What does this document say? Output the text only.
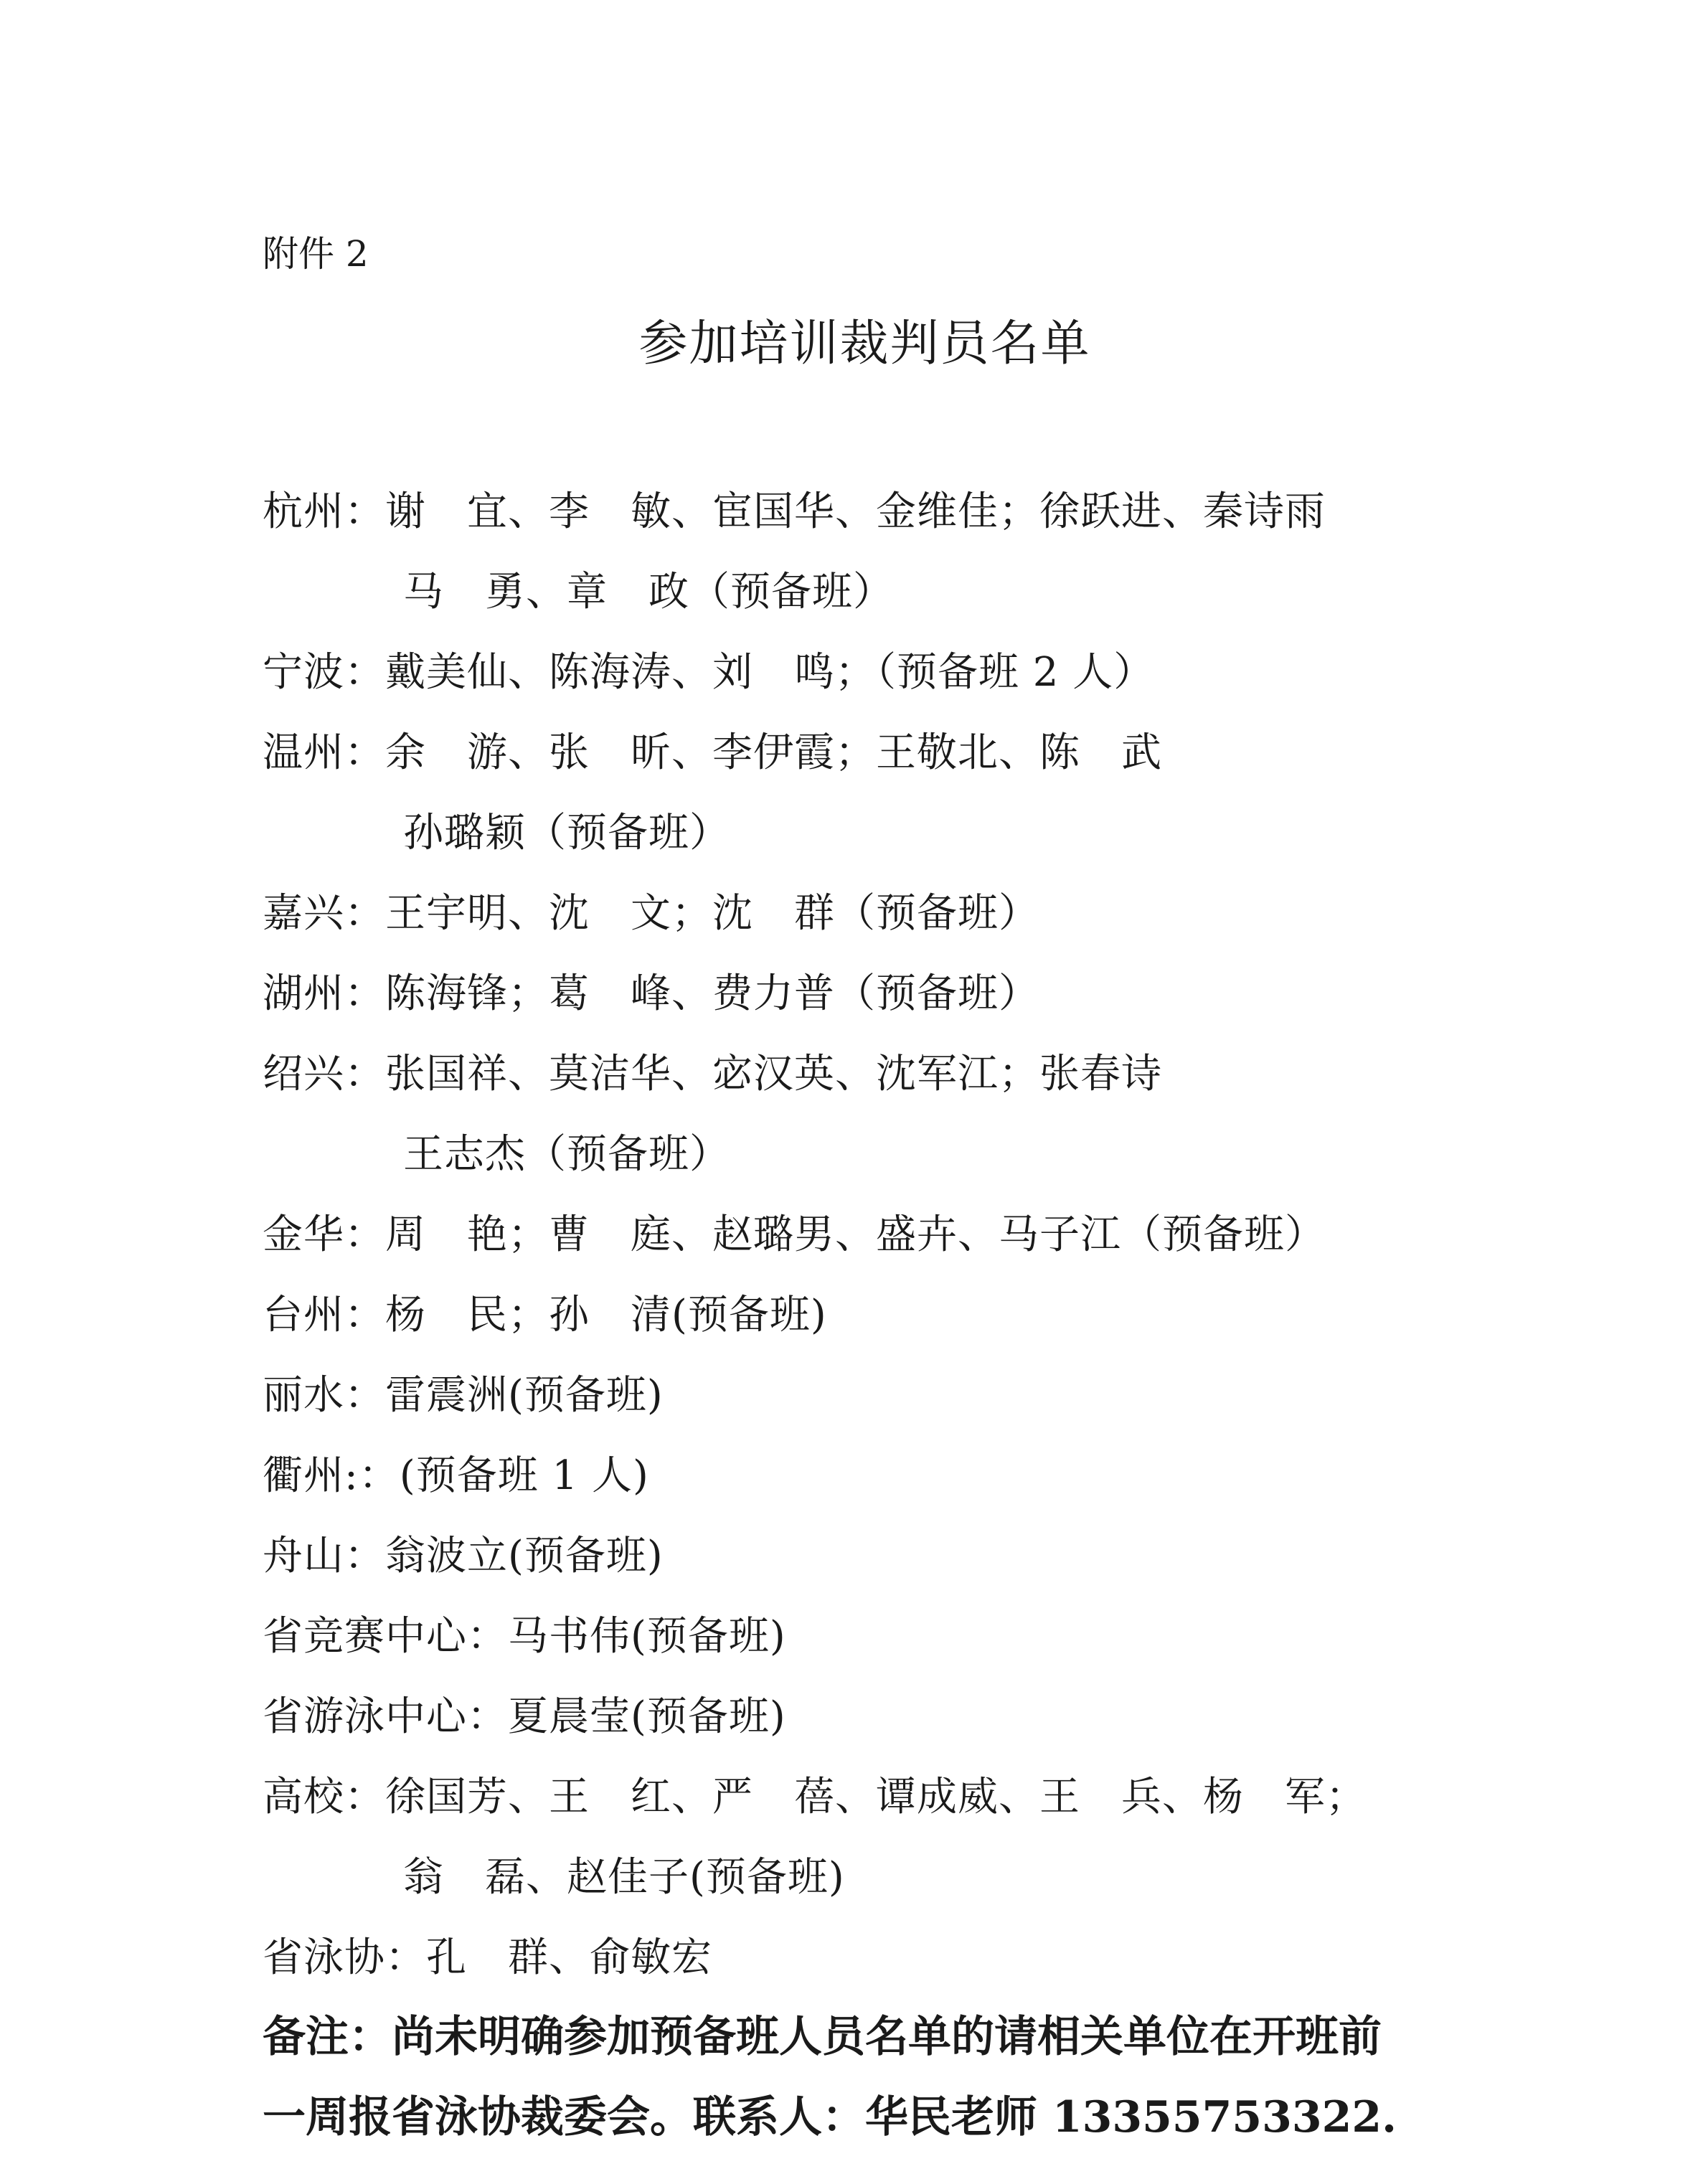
附件 2
参加培训裁判员名单
杭州：谢　宜、李　敏、宦国华、金维佳；徐跃进、秦诗雨
马　勇、章　政（预备班）
宁波：戴美仙、陈海涛、刘　鸣；（预备班 2 人）
温州：余　游、张　昕、李伊霞；王敬北、陈　武
孙璐颖（预备班）
嘉兴：王宇明、沈　文；沈　群（预备班）
湖州：陈海锋；葛　峰、费力普（预备班）
绍兴：张国祥、莫洁华、宓汉英、沈军江；张春诗
王志杰（预备班）
金华：周　艳；曹　庭、赵璐男、盛卉、马子江（预备班）
台州：杨　民；孙　清(预备班)
丽水：雷震洲(预备班)
衢州:：(预备班 1 人)
舟山：翁波立(预备班)
省竞赛中心：马书伟(预备班)
省游泳中心：夏晨莹(预备班)
高校：徐国芳、王　红、严　蓓、谭成威、王　兵、杨　军；
翁　磊、赵佳子(预备班)
省泳协：孔　群、俞敏宏
备注：尚未明确参加预备班人员名单的请相关单位在开班前
一周报省泳协裁委会。联系人：华民老师 13355753322.
